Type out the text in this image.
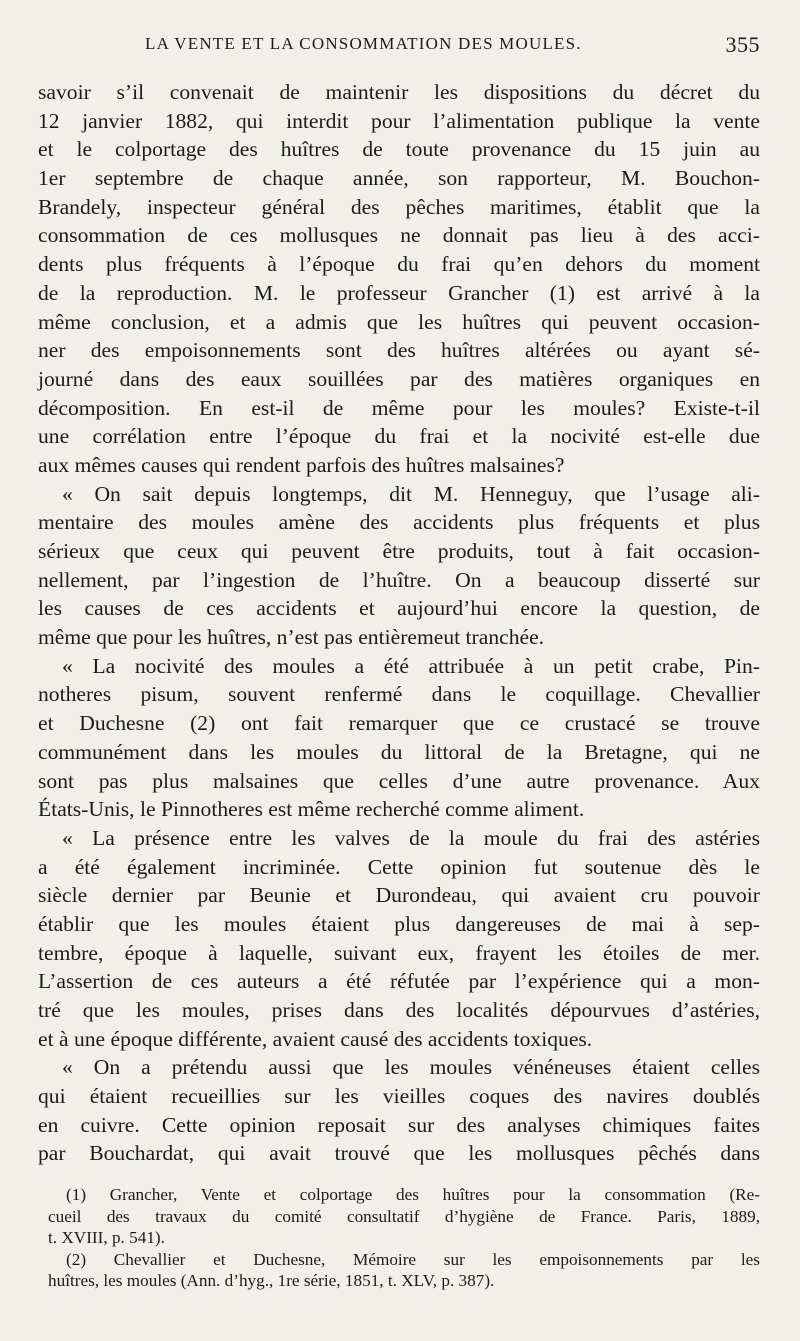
LA VENTE ET LA CONSOMMATION DES MOULES.	355
savoir s’il convenait de maintenir les dispositions du décret du
12 janvier 1882, qui interdit pour l’alimentation publique la vente
et le colportage des huîtres de toute provenance du 15 juin au
1er septembre de chaque année, son rapporteur, M. Bouchon-
Brandely, inspecteur général des pêches maritimes, établit que la
consommation de ces mollusques ne donnait pas lieu à des acci-
dents plus fréquents à l’époque du frai qu’en dehors du moment
de la reproduction. M. le professeur Grancher (1) est arrivé à la
même conclusion, et a admis que les huîtres qui peuvent occasion-
ner des empoisonnements sont des huîtres altérées ou ayant sé-
journé dans des eaux souillées par des matières organiques en
décomposition. En est-il de même pour les moules? Existe-t-il
une corrélation entre l’époque du frai et la nocivité est-elle due
aux mêmes causes qui rendent parfois des huîtres malsaines?
« On sait depuis longtemps, dit M. Henneguy, que l’usage ali-
mentaire des moules amène des accidents plus fréquents et plus
sérieux que ceux qui peuvent être produits, tout à fait occasion-
nellement, par l’ingestion de l’huître. On a beaucoup disserté sur
les causes de ces accidents et aujourd’hui encore la question, de
même que pour les huîtres, n’est pas entièremeut tranchée.
« La nocivité des moules a été attribuée à un petit crabe, Pin-
notheres pisum, souvent renfermé dans le coquillage. Chevallier
et Duchesne (2) ont fait remarquer que ce crustacé se trouve
communément dans les moules du littoral de la Bretagne, qui ne
sont pas plus malsaines que celles d’une autre provenance. Aux
États-Unis, le Pinnotheres est même recherché comme aliment.
« La présence entre les valves de la moule du frai des astéries
a été également incriminée. Cette opinion fut soutenue dès le
siècle dernier par Beunie et Durondeau, qui avaient cru pouvoir
établir que les moules étaient plus dangereuses de mai à sep-
tembre, époque à laquelle, suivant eux, frayent les étoiles de mer.
L’assertion de ces auteurs a été réfutée par l’expérience qui a mon-
tré que les moules, prises dans des localités dépourvues d’astéries,
et à une époque différente, avaient causé des accidents toxiques.
« On a prétendu aussi que les moules vénéneuses étaient celles
qui étaient recueillies sur les vieilles coques des navires doublés
en cuivre. Cette opinion reposait sur des analyses chimiques faites
par Bouchardat, qui avait trouvé que les mollusques pêchés dans
(1) Grancher, Vente et colportage des huîtres pour la consommation (Re-
cueil des travaux du comité consultatif d’hygiène de France. Paris, 1889,
t. XVIII, p. 541).
(2) Chevallier et Duchesne, Mémoire sur les empoisonnements par les
huîtres, les moules (Ann. d’hyg., 1re série, 1851, t. XLV, p. 387).
